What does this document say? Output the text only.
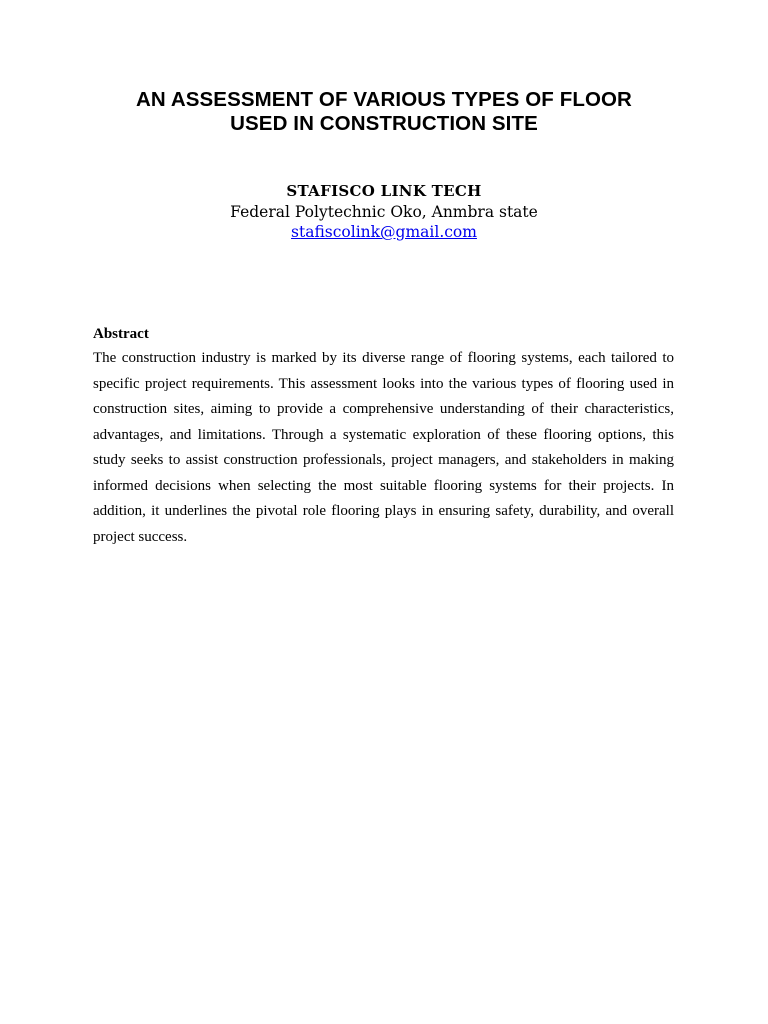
AN ASSESSMENT OF VARIOUS TYPES OF FLOOR
USED IN CONSTRUCTION SITE
STAFISCO LINK TECH
Federal Polytechnic Oko, Anmbra state
stafiscolink@gmail.com

Abstract

The construction industry is marked by its diverse range of flooring systems, each tailored to specific project requirements. This assessment looks into the various types of flooring used in construction sites, aiming to provide a comprehensive understanding of their characteristics, advantages, and limitations. Through a systematic exploration of these flooring options, this study seeks to assist construction professionals, project managers, and stakeholders in making informed decisions when selecting the most suitable flooring systems for their projects. In addition, it underlines the pivotal role flooring plays in ensuring safety, durability, and overall project success.
